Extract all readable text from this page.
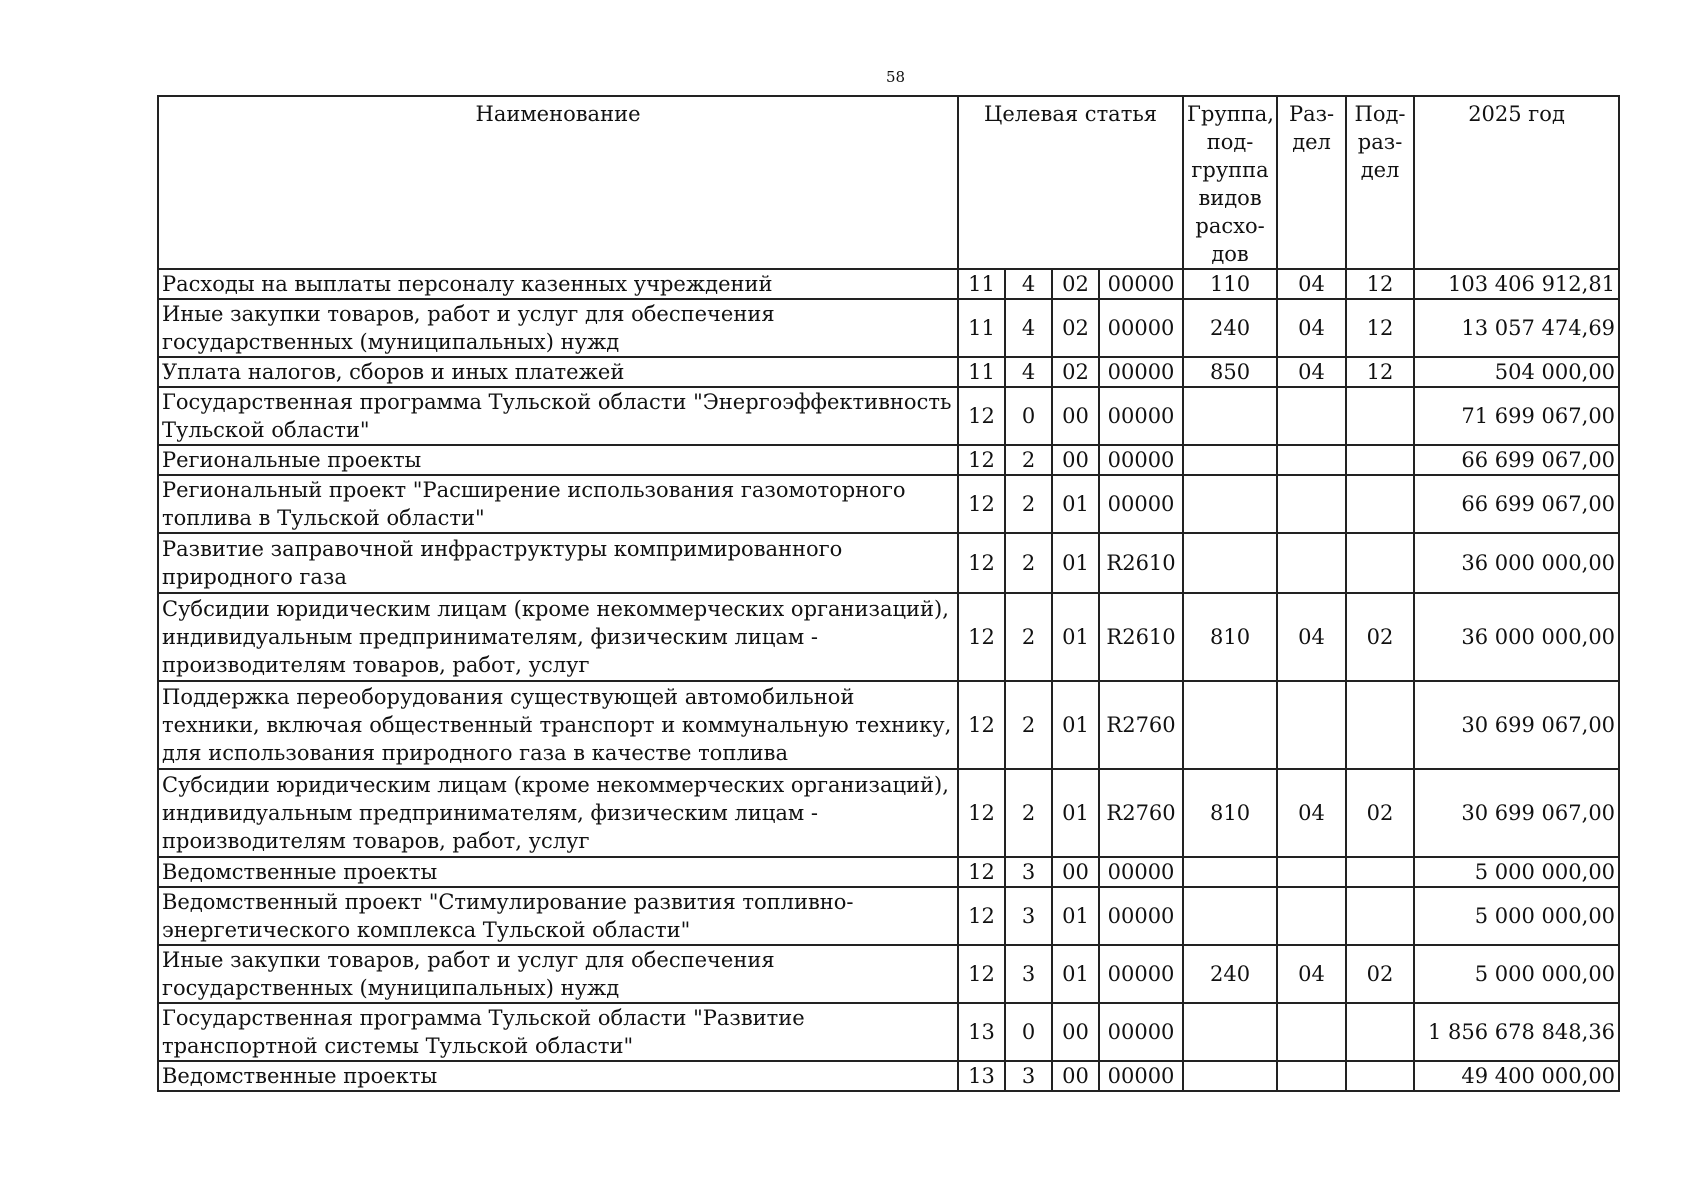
58
Наименование	Целевая статья				Группа, под-группа видов расхо-дов	Раз-дел	Под-раз-дел	2025 год
Расходы на выплаты персоналу казенных учреждений	11	4	02	00000	110	04	12	103 406 912,81
Иные закупки товаров, работ и услуг для обеспечения государственных (муниципальных) нужд	11	4	02	00000	240	04	12	13 057 474,69
Уплата налогов, сборов и иных платежей	11	4	02	00000	850	04	12	504 000,00
Государственная программа Тульской области "Энергоэффективность Тульской области"	12	0	00	00000				71 699 067,00
Региональные проекты	12	2	00	00000				66 699 067,00
Региональный проект "Расширение использования газомоторного топлива в Тульской области"	12	2	01	00000				66 699 067,00
Развитие заправочной инфраструктуры компримированного природного газа	12	2	01	R2610				36 000 000,00
Субсидии юридическим лицам (кроме некоммерческих организаций), индивидуальным предпринимателям, физическим лицам - производителям товаров, работ, услуг	12	2	01	R2610	810	04	02	36 000 000,00
Поддержка переоборудования существующей автомобильной техники, включая общественный транспорт и коммунальную технику, для использования природного газа в качестве топлива	12	2	01	R2760				30 699 067,00
Субсидии юридическим лицам (кроме некоммерческих организаций), индивидуальным предпринимателям, физическим лицам - производителям товаров, работ, услуг	12	2	01	R2760	810	04	02	30 699 067,00
Ведомственные проекты	12	3	00	00000				5 000 000,00
Ведомственный проект "Стимулирование развития топливно-энергетического комплекса Тульской области"	12	3	01	00000				5 000 000,00
Иные закупки товаров, работ и услуг для обеспечения государственных (муниципальных) нужд	12	3	01	00000	240	04	02	5 000 000,00
Государственная программа Тульской области "Развитие транспортной системы Тульской области"	13	0	00	00000				1 856 678 848,36
Ведомственные проекты	13	3	00	00000				49 400 000,00
